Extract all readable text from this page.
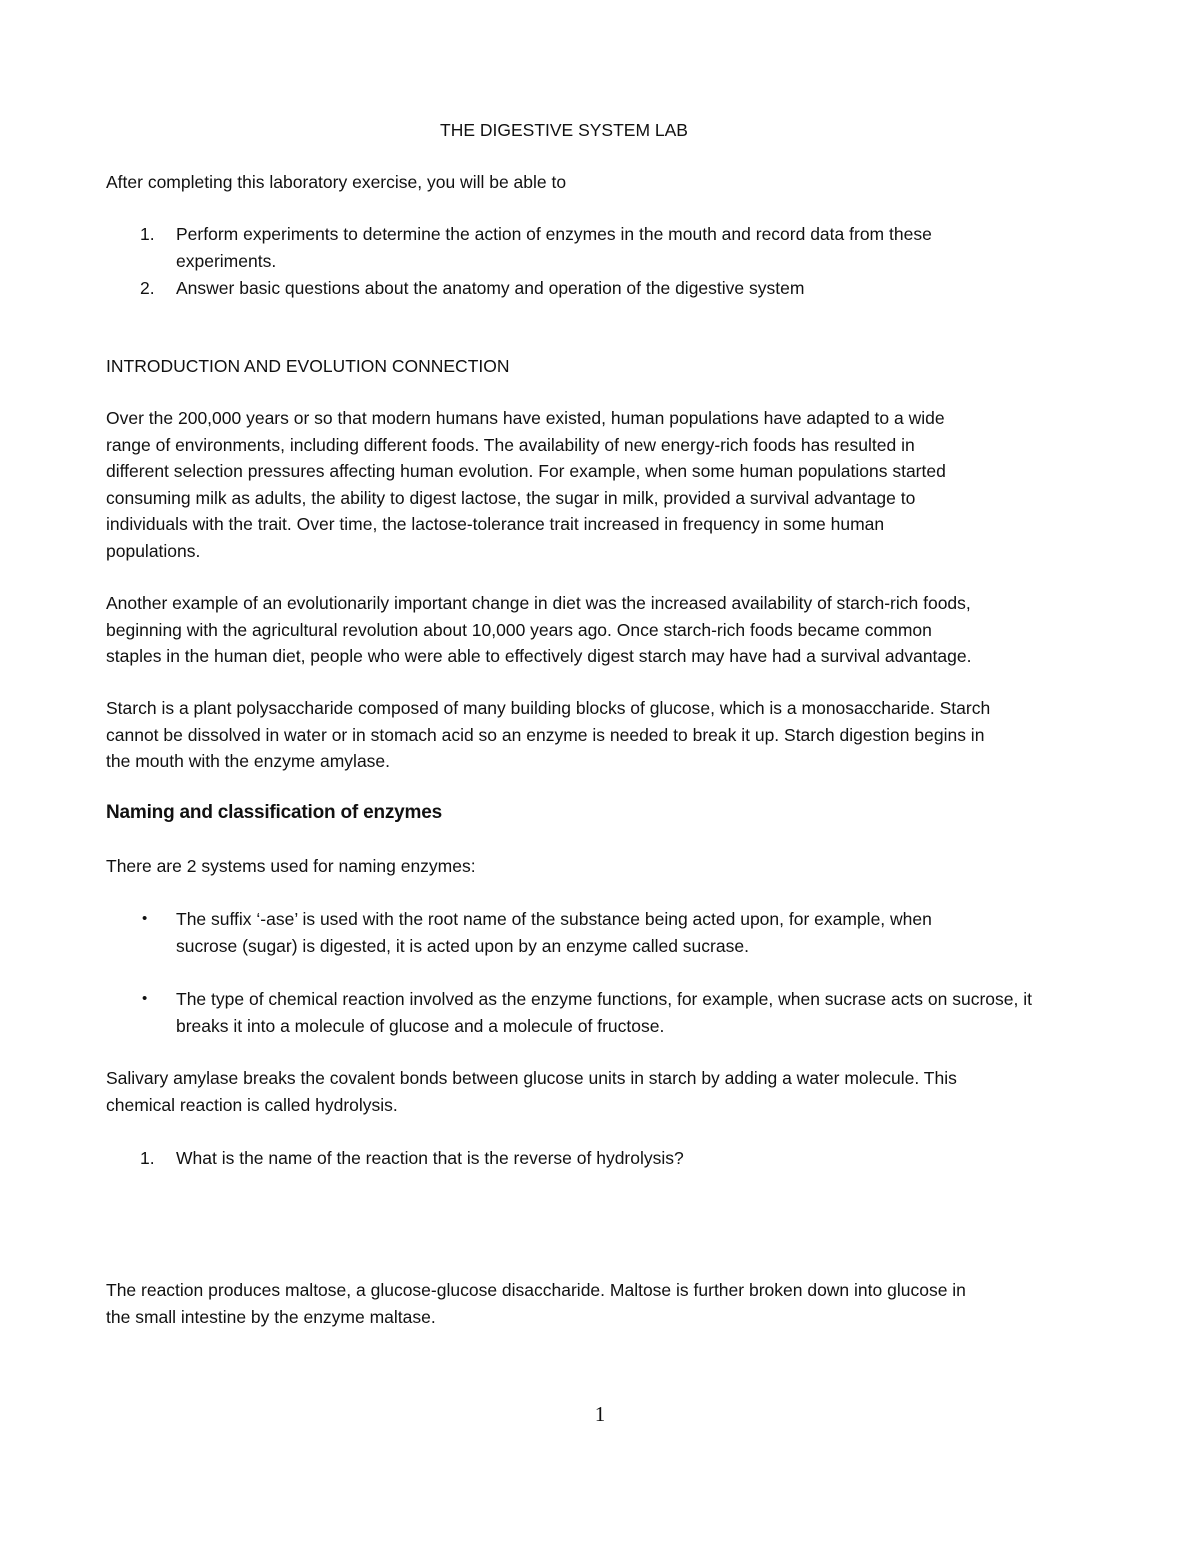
THE DIGESTIVE SYSTEM LAB

After completing this laboratory exercise, you will be able to

1. Perform experiments to determine the action of enzymes in the mouth and record data from these
experiments.
2. Answer basic questions about the anatomy and operation of the digestive system

INTRODUCTION AND EVOLUTION CONNECTION

Over the 200,000 years or so that modern humans have existed, human populations have adapted to a wide
range of environments, including different foods. The availability of new energy-rich foods has resulted in
different selection pressures affecting human evolution. For example, when some human populations started
consuming milk as adults, the ability to digest lactose, the sugar in milk, provided a survival advantage to
individuals with the trait. Over time, the lactose-tolerance trait increased in frequency in some human
populations.
Another example of an evolutionarily important change in diet was the increased availability of starch-rich foods,
beginning with the agricultural revolution about 10,000 years ago. Once starch-rich foods became common
staples in the human diet, people who were able to effectively digest starch may have had a survival advantage.
Starch is a plant polysaccharide composed of many building blocks of glucose, which is a monosaccharide. Starch
cannot be dissolved in water or in stomach acid so an enzyme is needed to break it up. Starch digestion begins in
the mouth with the enzyme amylase.

Naming and classification of enzymes

There are 2 systems used for naming enzymes:

• The suffix ‘-ase’ is used with the root name of the substance being acted upon, for example, when
sucrose (sugar) is digested, it is acted upon by an enzyme called sucrase.
• The type of chemical reaction involved as the enzyme functions, for example, when sucrase acts on sucrose, it
breaks it into a molecule of glucose and a molecule of fructose.
Salivary amylase breaks the covalent bonds between glucose units in starch by adding a water molecule. This
chemical reaction is called hydrolysis.
1. What is the name of the reaction that is the reverse of hydrolysis?
The reaction produces maltose, a glucose-glucose disaccharide. Maltose is further broken down into glucose in
the small intestine by the enzyme maltase.
1
